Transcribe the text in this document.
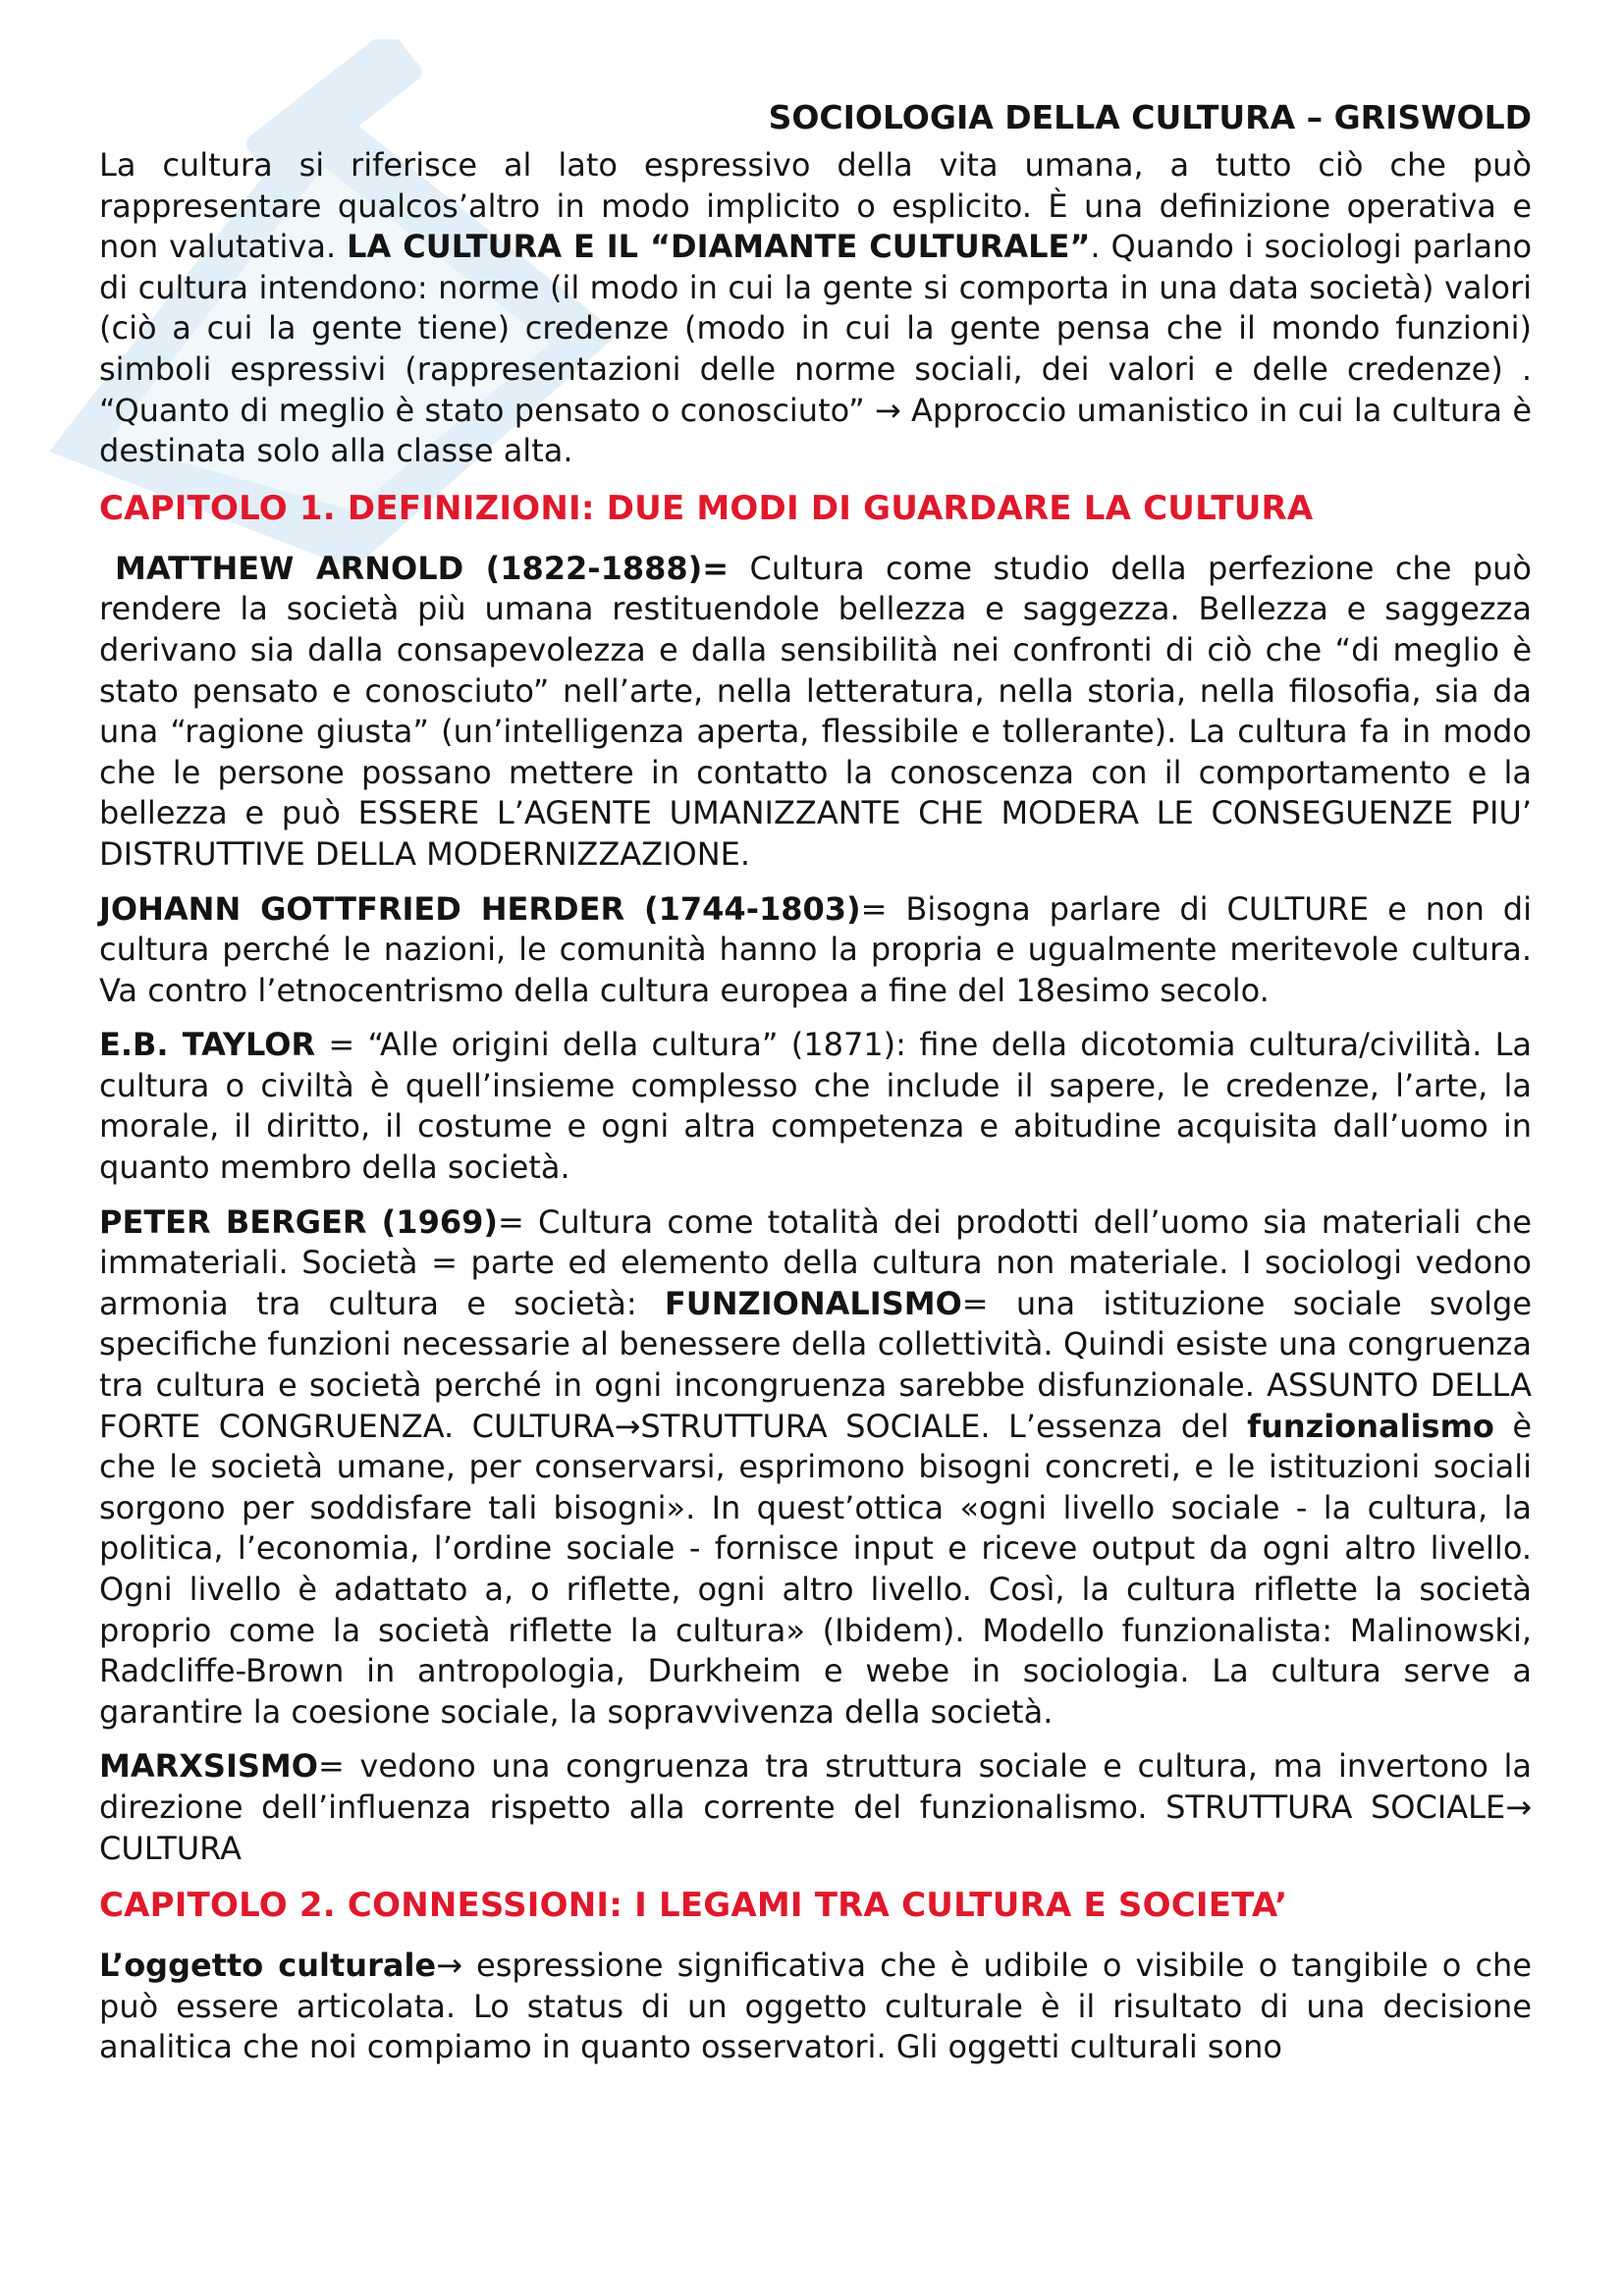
SOCIOLOGIA DELLA CULTURA – GRISWOLD

La cultura si riferisce al lato espressivo della vita umana, a tutto ciò che può rappresentare qualcos’altro in modo implicito o esplicito. È una definizione operativa e non valutativa. LA CULTURA E IL “DIAMANTE CULTURALE”. Quando i sociologi parlano di cultura intendono: norme (il modo in cui la gente si comporta in una data società) valori (ciò a cui la gente tiene) credenze (modo in cui la gente pensa che il mondo funzioni) simboli espressivi (rappresentazioni delle norme sociali, dei valori e delle credenze) . “Quanto di meglio è stato pensato o conosciuto” → Approccio umanistico in cui la cultura è destinata solo alla classe alta.

CAPITOLO 1. DEFINIZIONI: DUE MODI DI GUARDARE LA CULTURA

MATTHEW ARNOLD (1822-1888)= Cultura come studio della perfezione che può rendere la società più umana restituendole bellezza e saggezza. Bellezza e saggezza derivano sia dalla consapevolezza e dalla sensibilità nei confronti di ciò che “di meglio è stato pensato e conosciuto” nell’arte, nella letteratura, nella storia, nella filosofia, sia da una “ragione giusta” (un’intelligenza aperta, flessibile e tollerante). La cultura fa in modo che le persone possano mettere in contatto la conoscenza con il comportamento e la bellezza e può ESSERE L’AGENTE UMANIZZANTE CHE MODERA LE CONSEGUENZE PIU’ DISTRUTTIVE DELLA MODERNIZZAZIONE.

JOHANN GOTTFRIED HERDER (1744-1803)= Bisogna parlare di CULTURE e non di cultura perché le nazioni, le comunità hanno la propria e ugualmente meritevole cultura. Va contro l’etnocentrismo della cultura europea a fine del 18esimo secolo.

E.B. TAYLOR = “Alle origini della cultura” (1871): fine della dicotomia cultura/civilità. La cultura o civiltà è quell’insieme complesso che include il sapere, le credenze, l’arte, la morale, il diritto, il costume e ogni altra competenza e abitudine acquisita dall’uomo in quanto membro della società.

PETER BERGER (1969)= Cultura come totalità dei prodotti dell’uomo sia materiali che immateriali. Società = parte ed elemento della cultura non materiale. I sociologi vedono armonia tra cultura e società: FUNZIONALISMO= una istituzione sociale svolge specifiche funzioni necessarie al benessere della collettività. Quindi esiste una congruenza tra cultura e società perché in ogni incongruenza sarebbe disfunzionale. ASSUNTO DELLA FORTE CONGRUENZA. CULTURA→STRUTTURA SOCIALE. L’essenza del funzionalismo è che le società umane, per conservarsi, esprimono bisogni concreti, e le istituzioni sociali sorgono per soddisfare tali bisogni». In quest’ottica «ogni livello sociale - la cultura, la politica, l’economia, l’ordine sociale - fornisce input e riceve output da ogni altro livello. Ogni livello è adattato a, o riflette, ogni altro livello. Così, la cultura riflette la società proprio come la società riflette la cultura» (Ibidem). Modello funzionalista: Malinowski, Radcliffe-Brown in antropologia, Durkheim e webe in sociologia. La cultura serve a garantire la coesione sociale, la sopravvivenza della società.

MARXSISMO= vedono una congruenza tra struttura sociale e cultura, ma invertono la direzione dell’influenza rispetto alla corrente del funzionalismo. STRUTTURA SOCIALE→ CULTURA

CAPITOLO 2. CONNESSIONI: I LEGAMI TRA CULTURA E SOCIETA’

L’oggetto culturale→ espressione significativa che è udibile o visibile o tangibile o che può essere articolata. Lo status di un oggetto culturale è il risultato di una decisione analitica che noi compiamo in quanto osservatori. Gli oggetti culturali sono
